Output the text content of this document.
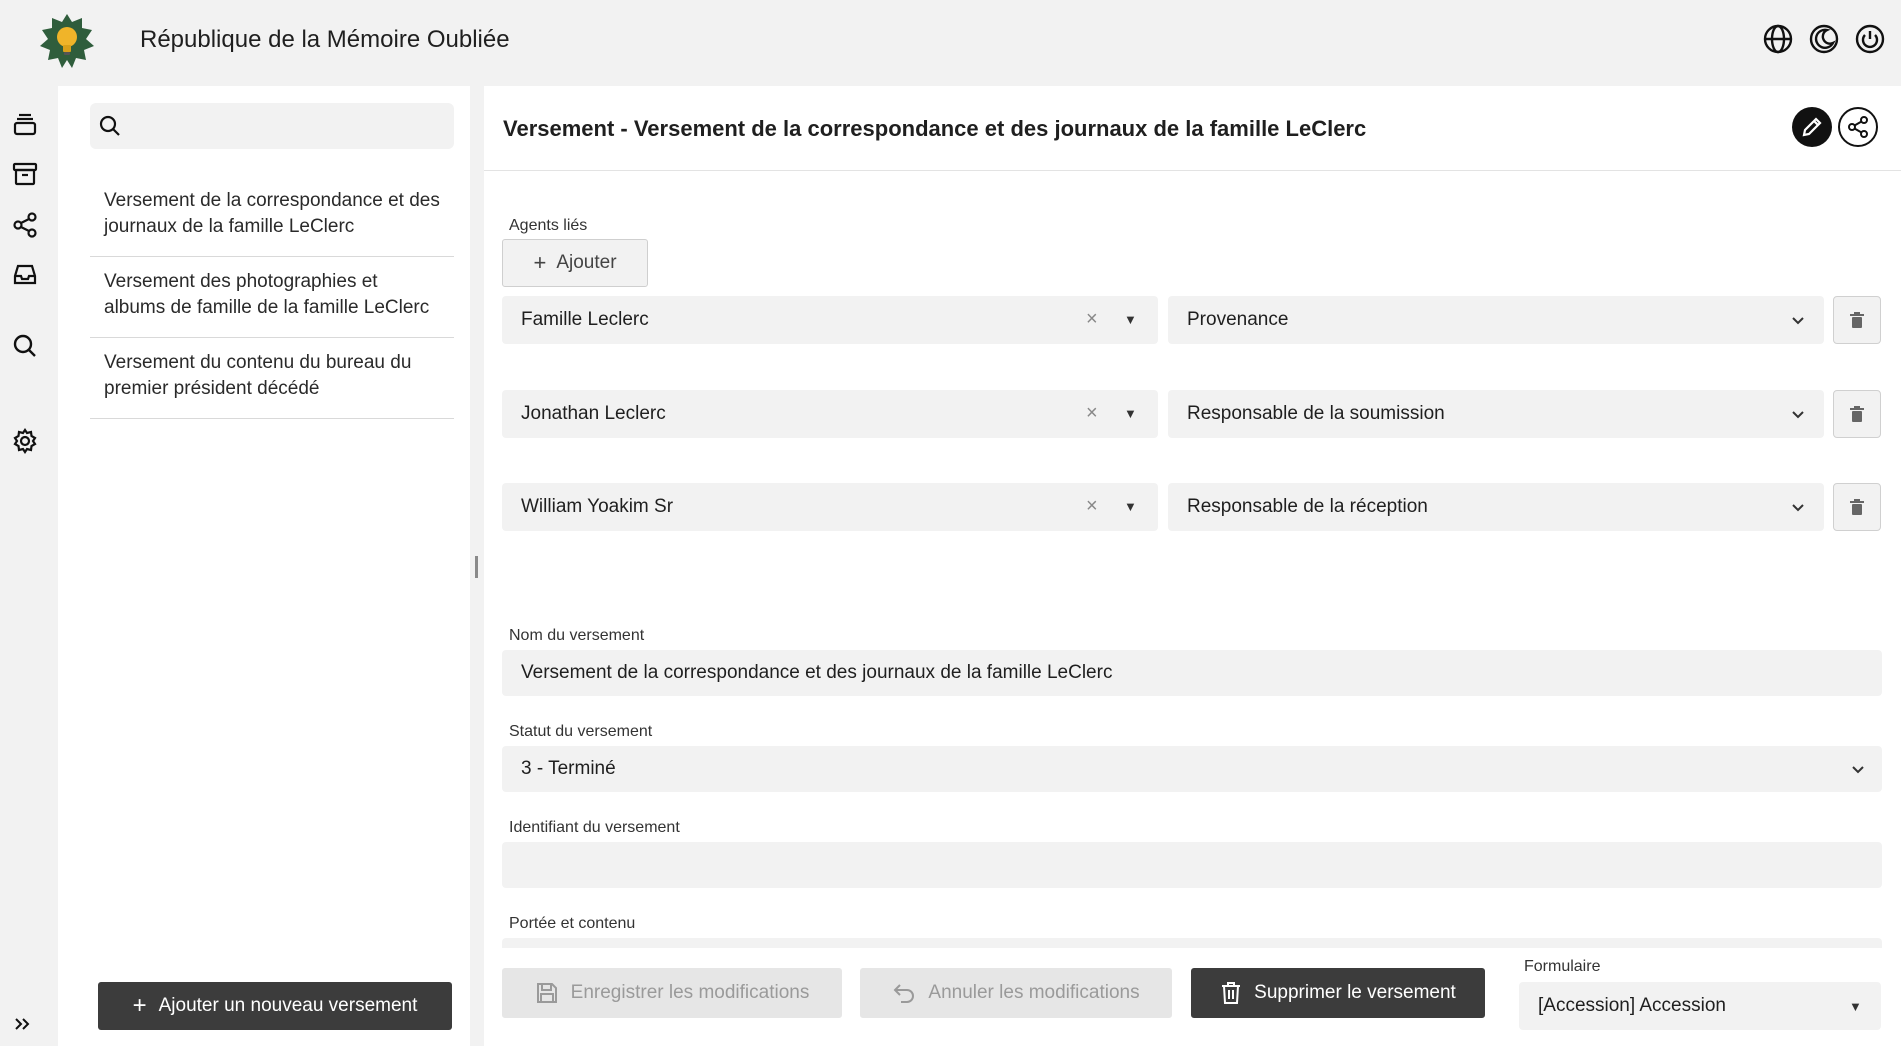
République de la Mémoire Oubliée
Versement de la correspondance et des journaux de la famille LeClerc
Versement des photographies et albums de famille de la famille LeClerc
Versement du contenu du bureau du premier président décédé
+ Ajouter un nouveau versement
Versement - Versement de la correspondance et des journaux de la famille LeClerc
Agents liés
+ Ajouter
Famille Leclerc	× ▼	Provenance
Jonathan Leclerc	× ▼	Responsable de la soumission
William Yoakim Sr	× ▼	Responsable de la réception
Nom du versement
Versement de la correspondance et des journaux de la famille LeClerc
Statut du versement
3 - Terminé
Identifiant du versement
Portée et contenu
Enregistrer les modifications	Annuler les modifications	Supprimer le versement
Formulaire
[Accession] Accession	▼
